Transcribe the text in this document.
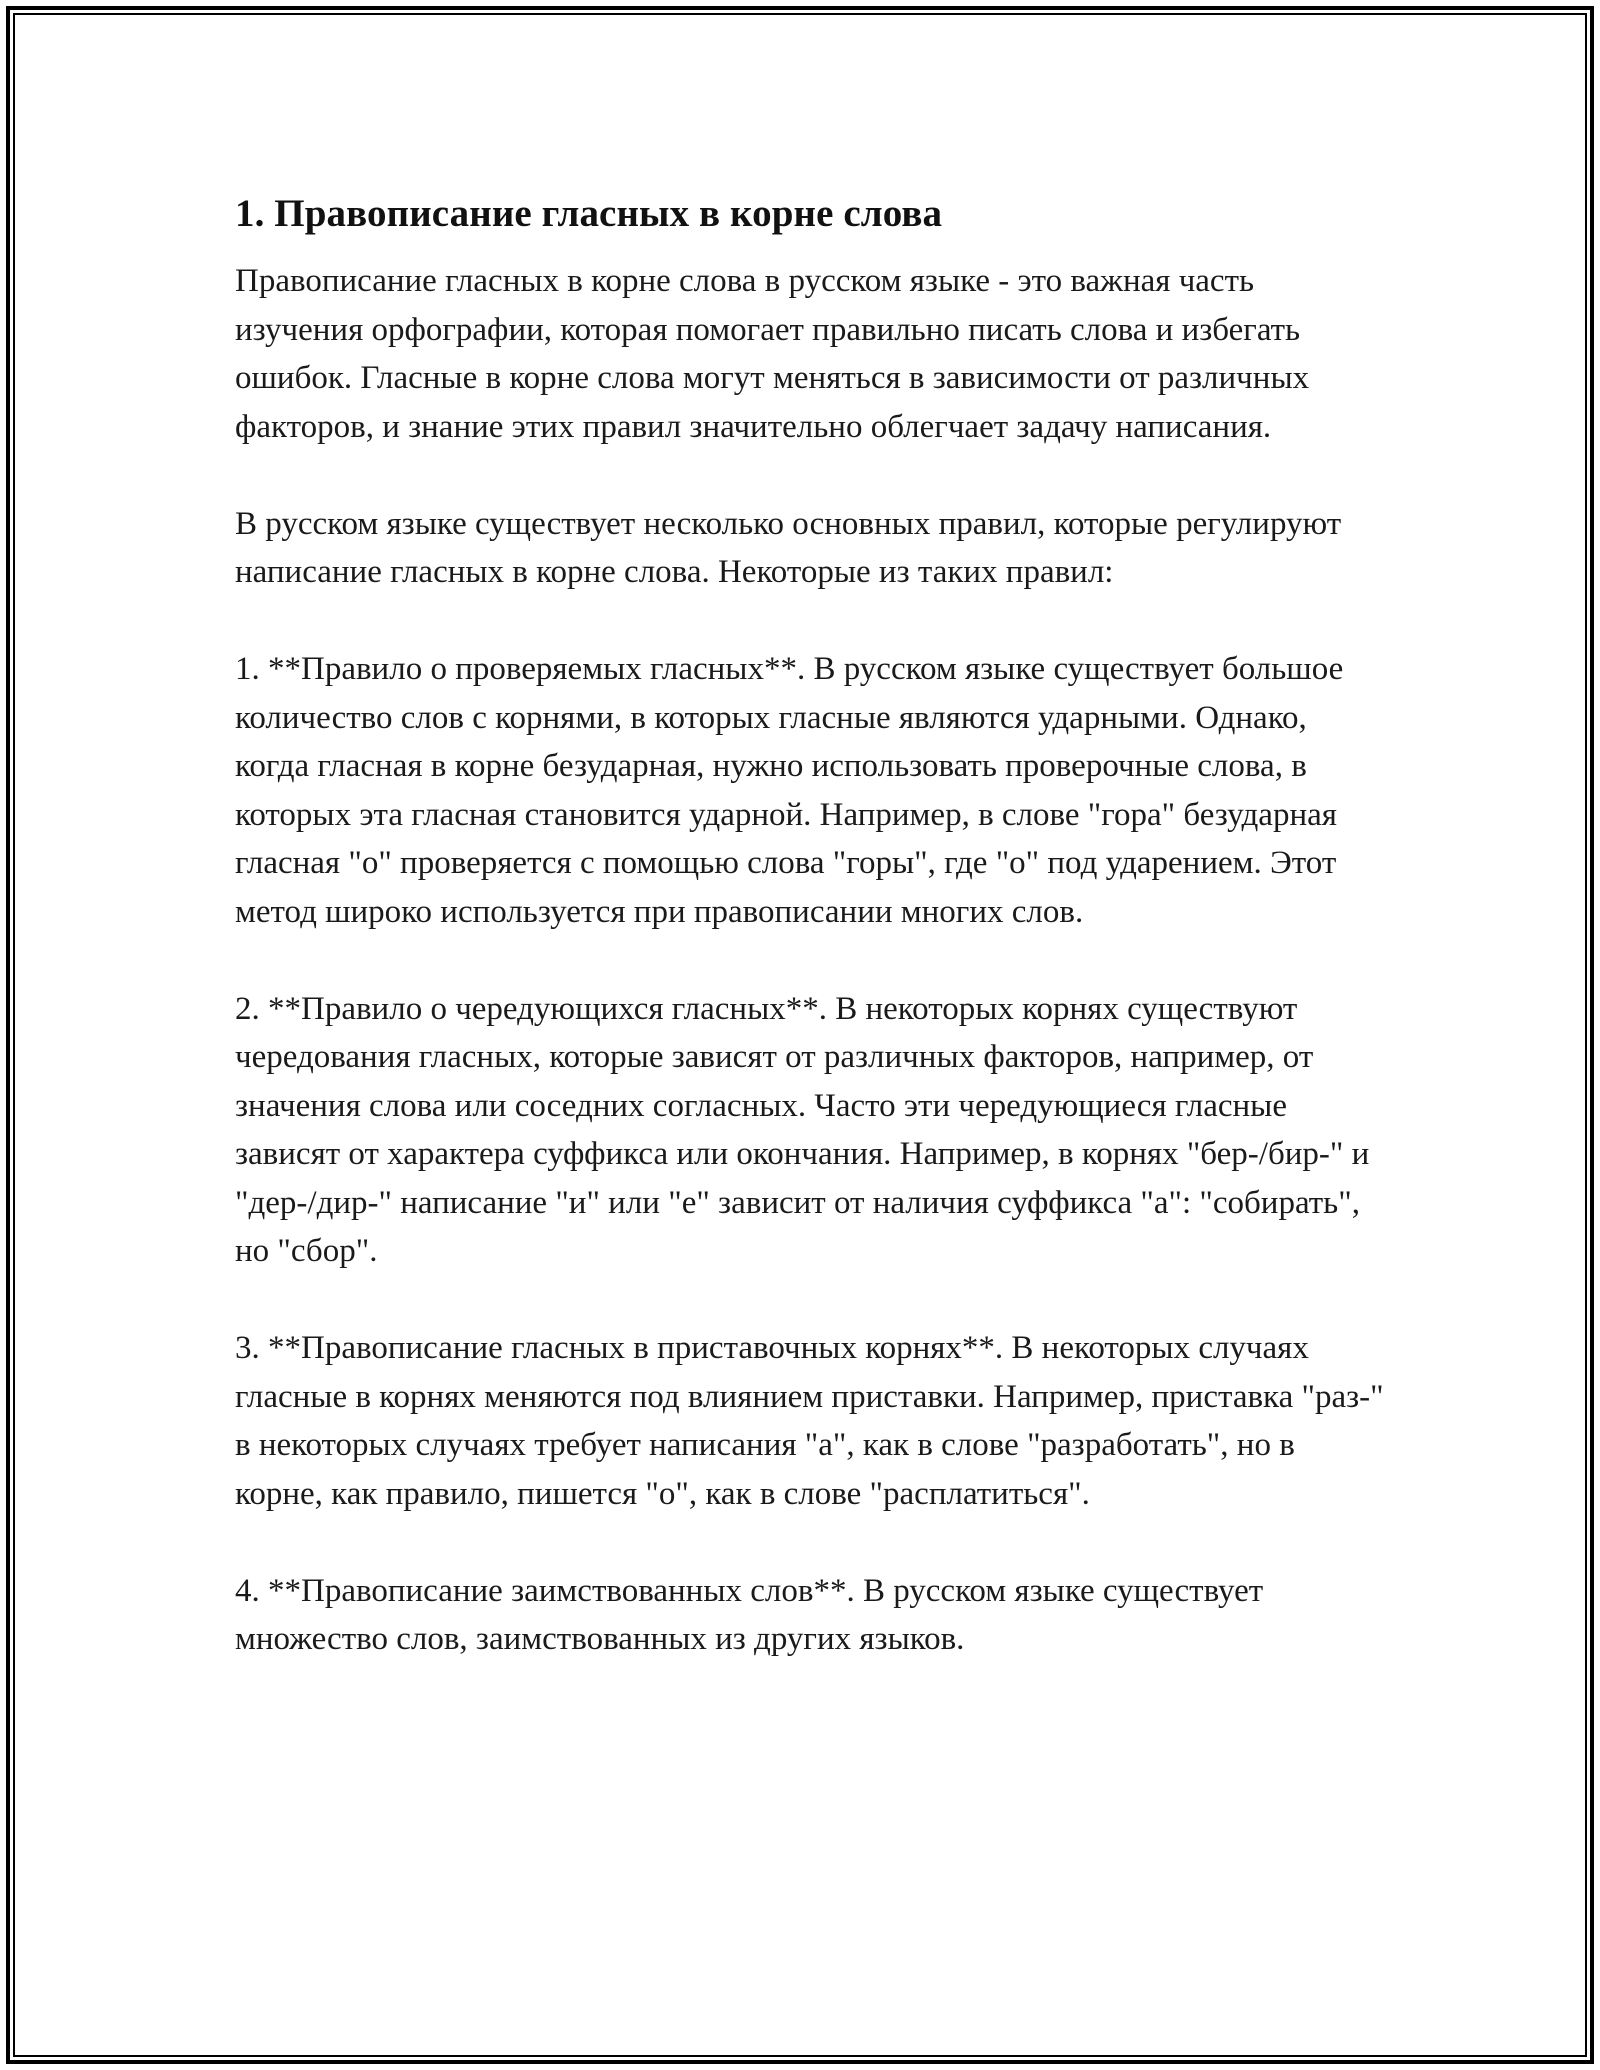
1. Правописание гласных в корне слова

Правописание гласных в корне слова в русском языке - это важная часть изучения орфографии, которая помогает правильно писать слова и избегать ошибок. Гласные в корне слова могут меняться в зависимости от различных факторов, и знание этих правил значительно облегчает задачу написания.

В русском языке существует несколько основных правил, которые регулируют написание гласных в корне слова. Некоторые из таких правил:

1. **Правило о проверяемых гласных**. В русском языке существует большое количество слов с корнями, в которых гласные являются ударными. Однако, когда гласная в корне безударная, нужно использовать проверочные слова, в которых эта гласная становится ударной. Например, в слове "гора" безударная гласная "о" проверяется с помощью слова "горы", где "о" под ударением. Этот метод широко используется при правописании многих слов.

2. **Правило о чередующихся гласных**. В некоторых корнях существуют чередования гласных, которые зависят от различных факторов, например, от значения слова или соседних согласных. Часто эти чередующиеся гласные зависят от характера суффикса или окончания. Например, в корнях "бер-/бир-" и "дер-/дир-" написание "и" или "е" зависит от наличия суффикса "а": "собирать", но "сбор".

3. **Правописание гласных в приставочных корнях**. В некоторых случаях гласные в корнях меняются под влиянием приставки. Например, приставка "раз-" в некоторых случаях требует написания "а", как в слове "разработать", но в корне, как правило, пишется "о", как в слове "расплатиться".

4. **Правописание заимствованных слов**. В русском языке существует множество слов, заимствованных из других языков.
